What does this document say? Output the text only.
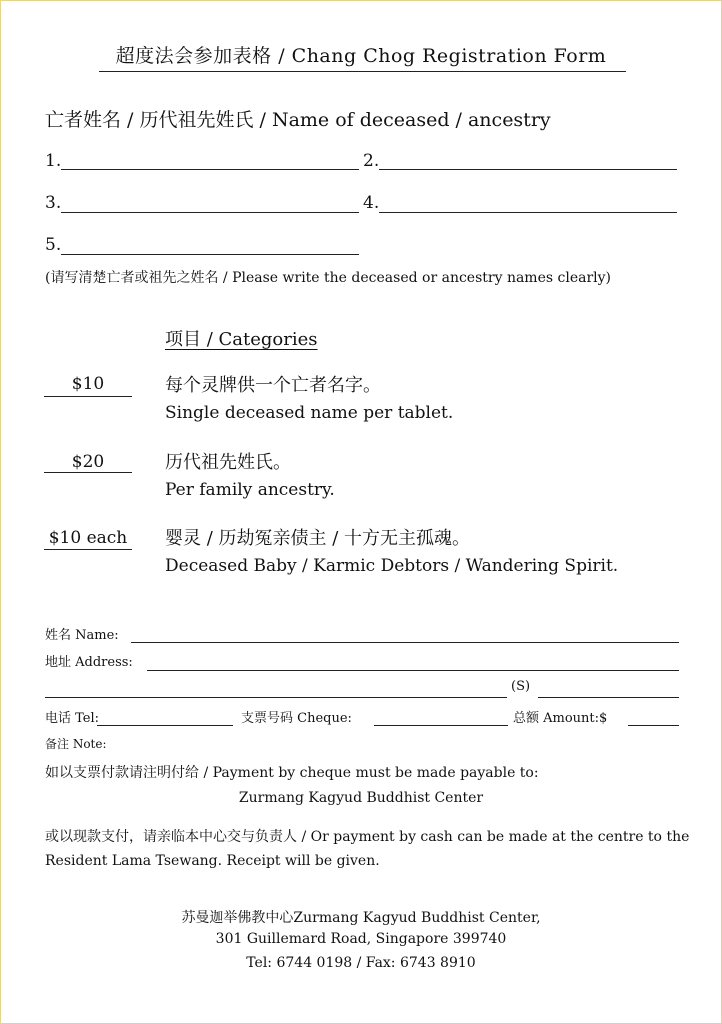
超度法会参加表格 / Chang Chog Registration Form
亡者姓名 / 历代祖先姓氏 / Name of deceased / ancestry
1.	2.
3.	4.
5.
(请写清楚亡者或祖先之姓名 / Please write the deceased or ancestry names clearly)
项目 / Categories
$10	每个灵牌供一个亡者名字。
Single deceased name per tablet.
$20	历代祖先姓氏。
Per family ancestry.
$10 each 婴灵 / 历劫冤亲债主 / 十方无主孤魂。
Deceased Baby / Karmic Debtors / Wandering Spirit.
姓名 Name:
地址 Address:
(S)
电话 Tel:	支票号码 Cheque:	总额 Amount:$
备注 Note:
如以支票付款请注明付给 / Payment by cheque must be made payable to:
Zurmang Kagyud Buddhist Center
或以现款支付，请亲临本中心交与负责人 / Or payment by cash can be made at the centre to the
Resident Lama Tsewang. Receipt will be given.
苏曼迦举佛教中心Zurmang Kagyud Buddhist Center,
301 Guillemard Road, Singapore 399740
Tel: 6744 0198 / Fax: 6743 8910
